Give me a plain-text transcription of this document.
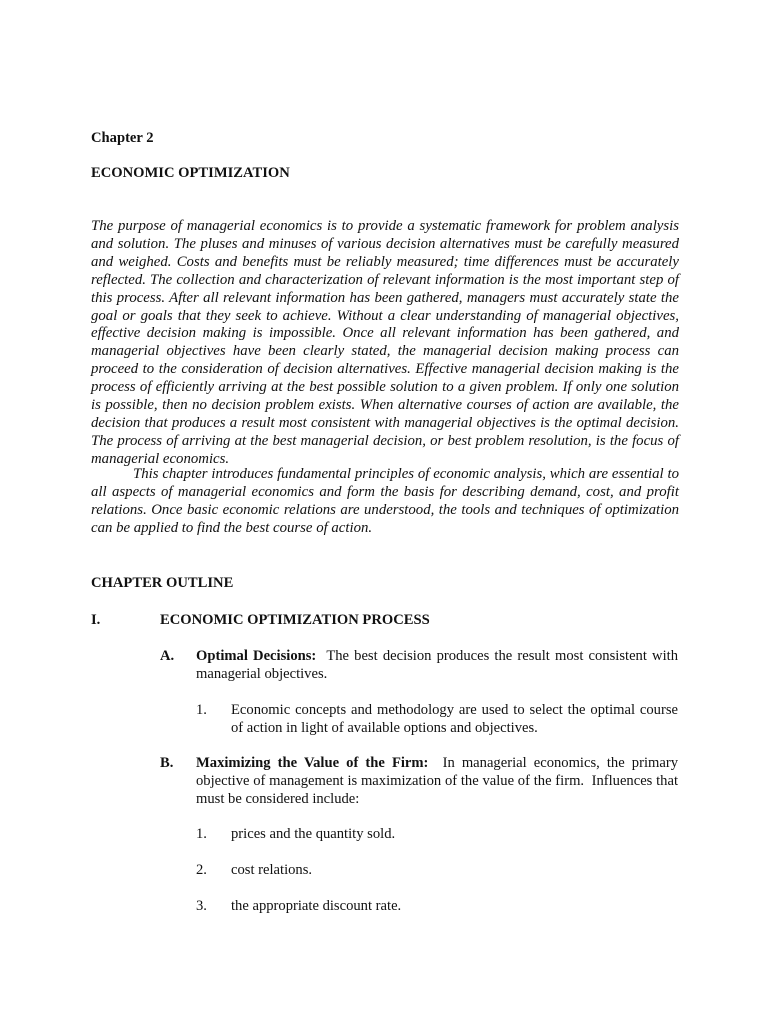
Chapter 2
ECONOMIC OPTIMIZATION

The purpose of managerial economics is to provide a systematic framework for problem analysis and solution. The pluses and minuses of various decision alternatives must be carefully measured and weighed. Costs and benefits must be reliably measured; time differences must be accurately reflected. The collection and characterization of relevant information is the most important step of this process. After all relevant information has been gathered, managers must accurately state the goal or goals that they seek to achieve. Without a clear understanding of managerial objectives, effective decision making is impossible. Once all relevant information has been gathered, and managerial objectives have been clearly stated, the managerial decision making process can proceed to the consideration of decision alternatives. Effective managerial decision making is the process of efficiently arriving at the best possible solution to a given problem. If only one solution is possible, then no decision problem exists. When alternative courses of action are available, the decision that produces a result most consistent with managerial objectives is the optimal decision. The process of arriving at the best managerial decision, or best problem resolution, is the focus of managerial economics.

This chapter introduces fundamental principles of economic analysis, which are essential to all aspects of managerial economics and form the basis for describing demand, cost, and profit relations. Once basic economic relations are understood, the tools and techniques of optimization can be applied to find the best course of action.

CHAPTER OUTLINE
I.	ECONOMIC OPTIMIZATION PROCESS
A. Optimal Decisions:  The best decision produces the result most consistent with managerial objectives.

1. Economic concepts and methodology are used to select the optimal course of action in light of available options and objectives.

B. Maximizing the Value of the Firm:  In managerial economics, the primary objective of management is maximization of the value of the firm.  Influences that must be considered include:

1. prices and the quantity sold.

2. cost relations.

3. the appropriate discount rate.
